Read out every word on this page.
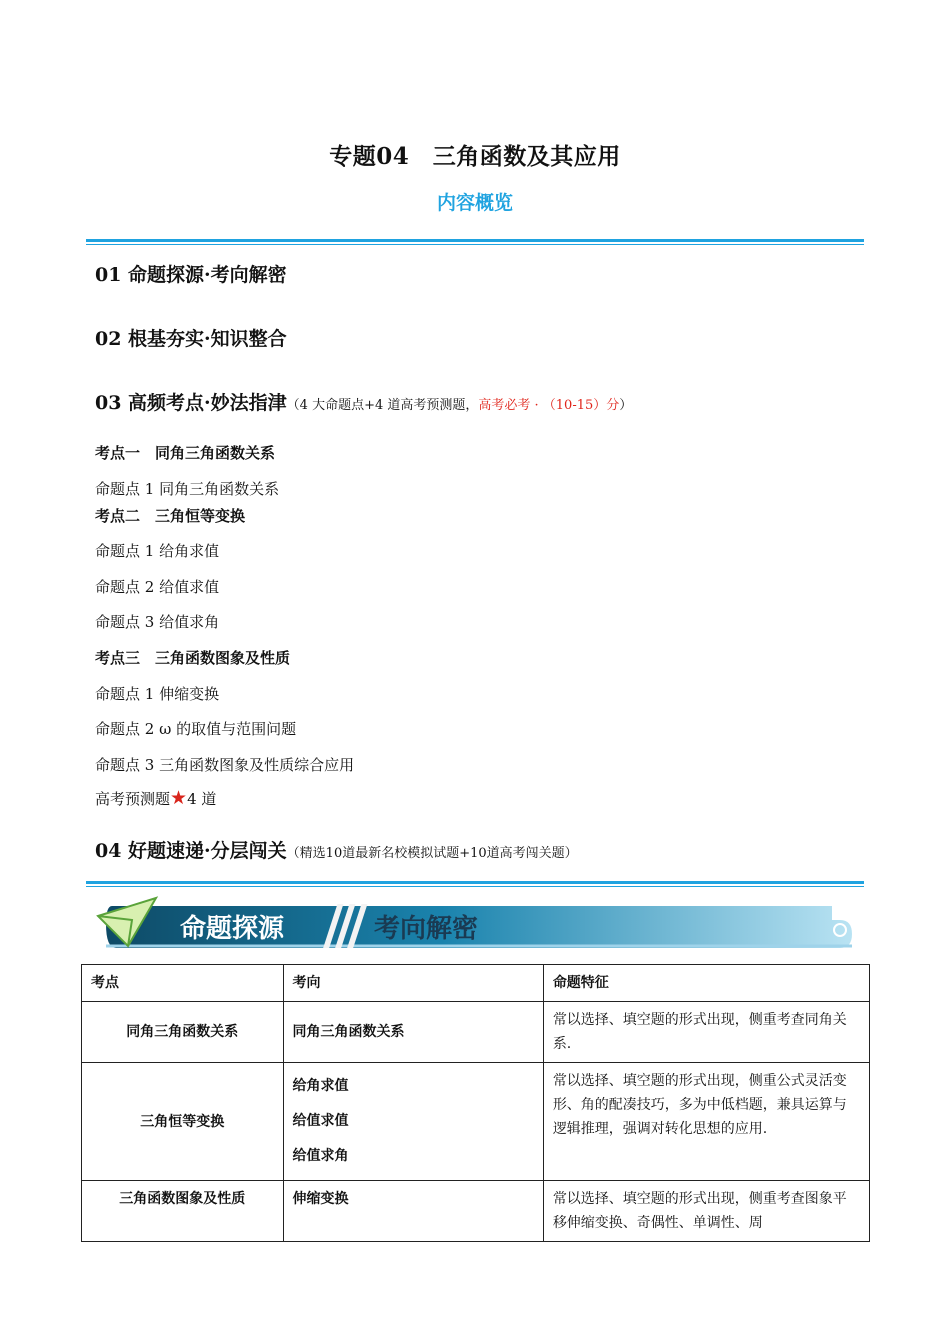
专题04　三角函数及其应用
内容概览
01 命题探源·考向解密
02 根基夯实·知识整合
03 高频考点·妙法指津（4 大命题点+4 道高考预测题，高考必考 · （10-15）分）
考点一　同角三角函数关系
命题点 1 同角三角函数关系
考点二　三角恒等变换
命题点 1 给角求值
命题点 2 给值求值
命题点 3 给值求角
考点三　三角函数图象及性质
命题点 1 伸缩变换
命题点 2 ω 的取值与范围问题
命题点 3 三角函数图象及性质综合应用
高考预测题★4 道
04 好题速递·分层闯关（精选10道最新名校模拟试题+10道高考闯关题）
命题探源	考向解密
考点	考向	命题特征
同角三角函数关系	同角三角函数关系	常以选择、填空题的形式出现，侧重考查同角关系.
三角恒等变换	给角求值
给值求值
给值求角	常以选择、填空题的形式出现，侧重公式灵活变形、角的配凑技巧，多为中低档题，兼具运算与逻辑推理，强调对转化思想的应用.
三角函数图象及性质	伸缩变换	常以选择、填空题的形式出现，侧重考查图象平移伸缩变换、奇偶性、单调性、周
